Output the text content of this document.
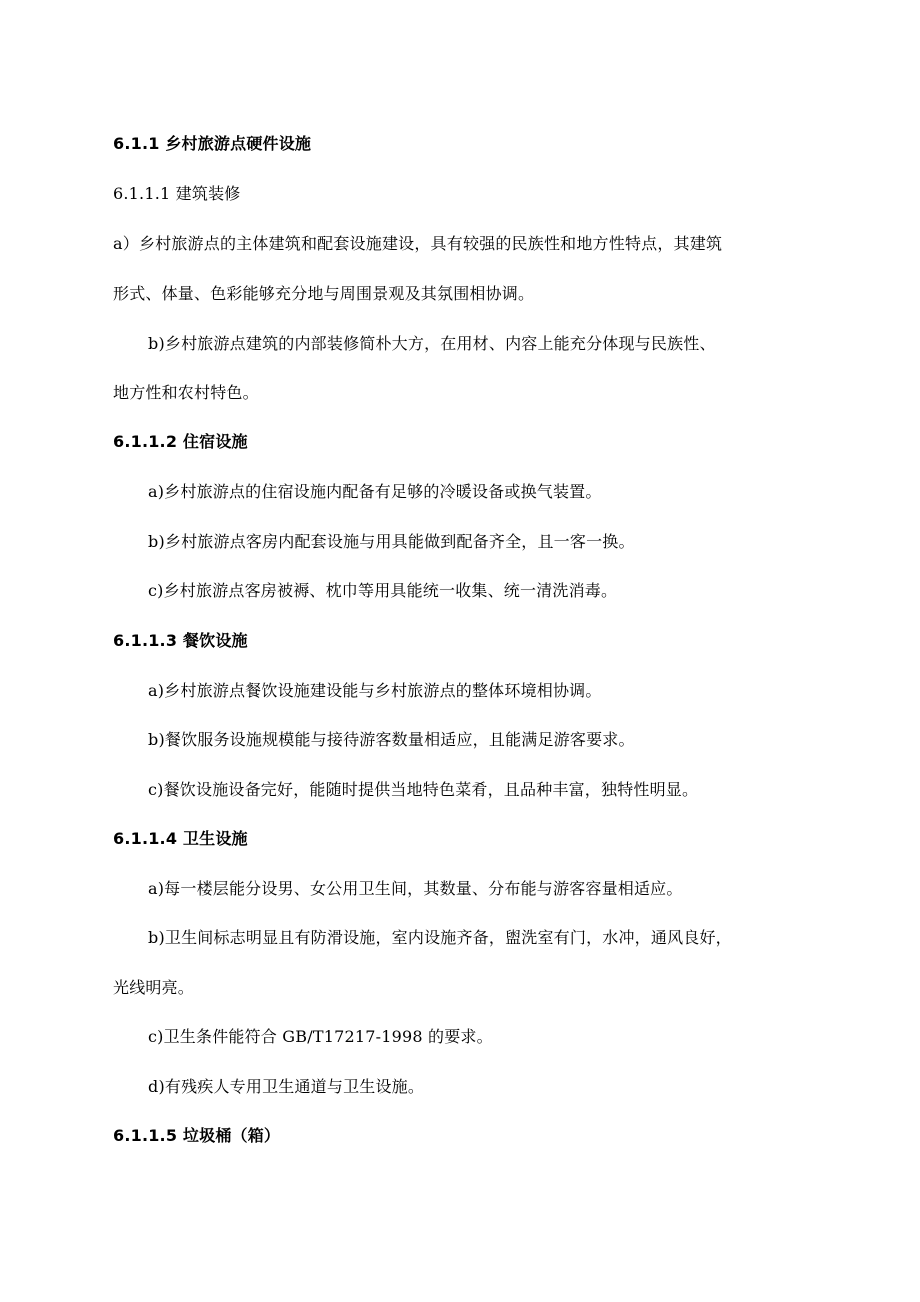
6.1.1 乡村旅游点硬件设施
6.1.1.1 建筑装修
a）乡村旅游点的主体建筑和配套设施建设，具有较强的民族性和地方性特点，其建筑
形式、体量、色彩能够充分地与周围景观及其氛围相协调。
b)乡村旅游点建筑的内部装修简朴大方，在用材、内容上能充分体现与民族性、
地方性和农村特色。
6.1.1.2 住宿设施
a)乡村旅游点的住宿设施内配备有足够的冷暖设备或换气装置。
b)乡村旅游点客房内配套设施与用具能做到配备齐全，且一客一换。
c)乡村旅游点客房被褥、枕巾等用具能统一收集、统一清洗消毒。
6.1.1.3 餐饮设施
a)乡村旅游点餐饮设施建设能与乡村旅游点的整体环境相协调。
b)餐饮服务设施规模能与接待游客数量相适应，且能满足游客要求。
c)餐饮设施设备完好，能随时提供当地特色菜肴，且品种丰富，独特性明显。
6.1.1.4 卫生设施
a)每一楼层能分设男、女公用卫生间，其数量、分布能与游客容量相适应。
b)卫生间标志明显且有防滑设施，室内设施齐备，盥洗室有门，水冲，通风良好，
光线明亮。
c)卫生条件能符合 GB/T17217-1998 的要求。
d)有残疾人专用卫生通道与卫生设施。
6.1.1.5 垃圾桶（箱）
